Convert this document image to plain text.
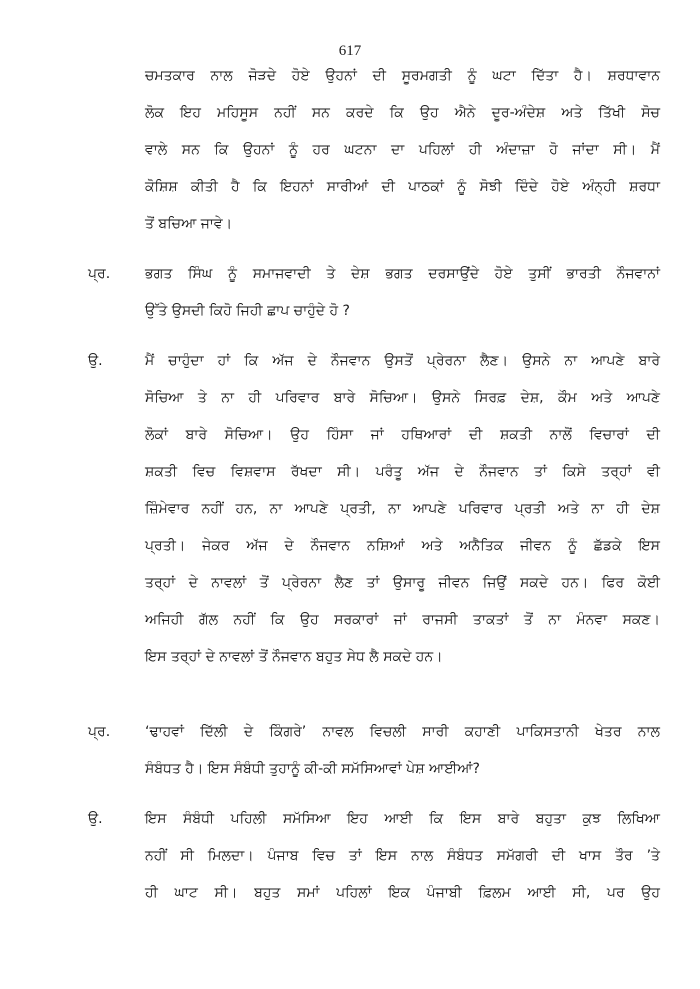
617
ਚਮਤਕਾਰ ਨਾਲ ਜੋੜਦੇ ਹੋਏ ਉਹਨਾਂ ਦੀ ਸੂਰਮਗਤੀ ਨੂੰ ਘਟਾ ਦਿੱਤਾ ਹੈ। ਸ਼ਰਧਾਵਾਨ
ਲੋਕ ਇਹ ਮਹਿਸੂਸ ਨਹੀਂ ਸਨ ਕਰਦੇ ਕਿ ਉਹ ਐਨੇ ਦੂਰ-ਅੰਦੇਸ਼ ਅਤੇ ਤਿੱਖੀ ਸੋਚ
ਵਾਲੇ ਸਨ ਕਿ ਉਹਨਾਂ ਨੂੰ ਹਰ ਘਟਨਾ ਦਾ ਪਹਿਲਾਂ ਹੀ ਅੰਦਾਜ਼ਾ ਹੋ ਜਾਂਦਾ ਸੀ। ਮੈਂ
ਕੋਸ਼ਿਸ਼ ਕੀਤੀ ਹੈ ਕਿ ਇਹਨਾਂ ਸਾਰੀਆਂ ਦੀ ਪਾਠਕਾਂ ਨੂੰ ਸੋਝੀ ਦਿੰਦੇ ਹੋਏ ਅੰਨ੍ਹੀ ਸ਼ਰਧਾ
ਤੋਂ ਬਚਿਆ ਜਾਵੇ।
ਪ੍ਰ. ਭਗਤ ਸਿੰਘ ਨੂੰ ਸਮਾਜਵਾਦੀ ਤੇ ਦੇਸ਼ ਭਗਤ ਦਰਸਾਉਂਦੇ ਹੋਏ ਤੁਸੀਂ ਭਾਰਤੀ ਨੌਜਵਾਨਾਂ
ਉੱਤੇ ਉਸਦੀ ਕਿਹੋ ਜਿਹੀ ਛਾਪ ਚਾਹੁੰਦੇ ਹੋ ?
ਉ.	ਮੈਂ ਚਾਹੁੰਦਾ ਹਾਂ ਕਿ ਅੱਜ ਦੇ ਨੌਜਵਾਨ ਉਸਤੋਂ ਪ੍ਰੇਰਨਾ ਲੈਣ। ਉਸਨੇ ਨਾ ਆਪਣੇ ਬਾਰੇ
ਸੋਚਿਆ ਤੇ ਨਾ ਹੀ ਪਰਿਵਾਰ ਬਾਰੇ ਸੋਚਿਆ। ਉਸਨੇ ਸਿਰਫ਼ ਦੇਸ਼, ਕੌਮ ਅਤੇ ਆਪਣੇ
ਲੋਕਾਂ ਬਾਰੇ ਸੋਚਿਆ। ਉਹ ਹਿੰਸਾ ਜਾਂ ਹਥਿਆਰਾਂ ਦੀ ਸ਼ਕਤੀ ਨਾਲੋਂ ਵਿਚਾਰਾਂ ਦੀ
ਸ਼ਕਤੀ ਵਿਚ ਵਿਸ਼ਵਾਸ ਰੱਖਦਾ ਸੀ। ਪਰੰਤੂ ਅੱਜ ਦੇ ਨੌਜਵਾਨ ਤਾਂ ਕਿਸੇ ਤਰ੍ਹਾਂ ਵੀ
ਜ਼ਿੰਮੇਵਾਰ ਨਹੀਂ ਹਨ, ਨਾ ਆਪਣੇ ਪ੍ਰਤੀ, ਨਾ ਆਪਣੇ ਪਰਿਵਾਰ ਪ੍ਰਤੀ ਅਤੇ ਨਾ ਹੀ ਦੇਸ਼
ਪ੍ਰਤੀ। ਜੇਕਰ ਅੱਜ ਦੇ ਨੌਜਵਾਨ ਨਸ਼ਿਆਂ ਅਤੇ ਅਨੈਤਿਕ ਜੀਵਨ ਨੂੰ ਛੱਡਕੇ ਇਸ
ਤਰ੍ਹਾਂ ਦੇ ਨਾਵਲਾਂ ਤੋਂ ਪ੍ਰੇਰਨਾ ਲੈਣ ਤਾਂ ਉਸਾਰੂ ਜੀਵਨ ਜਿਉਂ ਸਕਦੇ ਹਨ। ਫਿਰ ਕੋਈ
ਅਜਿਹੀ ਗੱਲ ਨਹੀਂ ਕਿ ਉਹ ਸਰਕਾਰਾਂ ਜਾਂ ਰਾਜਸੀ ਤਾਕਤਾਂ ਤੋਂ ਨਾ ਮੰਨਵਾ ਸਕਣ।
ਇਸ ਤਰ੍ਹਾਂ ਦੇ ਨਾਵਲਾਂ ਤੋਂ ਨੌਜਵਾਨ ਬਹੁਤ ਸੇਧ ਲੈ ਸਕਦੇ ਹਨ।
ਪ੍ਰ. ‘ਢਾਹਵਾਂ ਦਿੱਲੀ ਦੇ ਕਿੰਗਰੇ’ ਨਾਵਲ ਵਿਚਲੀ ਸਾਰੀ ਕਹਾਣੀ ਪਾਕਿਸਤਾਨੀ ਖੇਤਰ ਨਾਲ
ਸੰਬੰਧਤ ਹੈ। ਇਸ ਸੰਬੰਧੀ ਤੁਹਾਨੂੰ ਕੀ-ਕੀ ਸਮੱਸਿਆਵਾਂ ਪੇਸ਼ ਆਈਆਂ?
ਉ.	ਇਸ ਸੰਬੰਧੀ ਪਹਿਲੀ ਸਮੱਸਿਆ ਇਹ ਆਈ ਕਿ ਇਸ ਬਾਰੇ ਬਹੁਤਾ ਕੁਝ ਲਿਖਿਆ
ਨਹੀਂ ਸੀ ਮਿਲਦਾ। ਪੰਜਾਬ ਵਿਚ ਤਾਂ ਇਸ ਨਾਲ ਸੰਬੰਧਤ ਸਮੱਗਰੀ ਦੀ ਖਾਸ ਤੌਰ ’ਤੇ
ਹੀ ਘਾਟ ਸੀ। ਬਹੁਤ ਸਮਾਂ ਪਹਿਲਾਂ ਇਕ ਪੰਜਾਬੀ ਫ਼ਿਲਮ ਆਈ ਸੀ, ਪਰ ਉਹ
